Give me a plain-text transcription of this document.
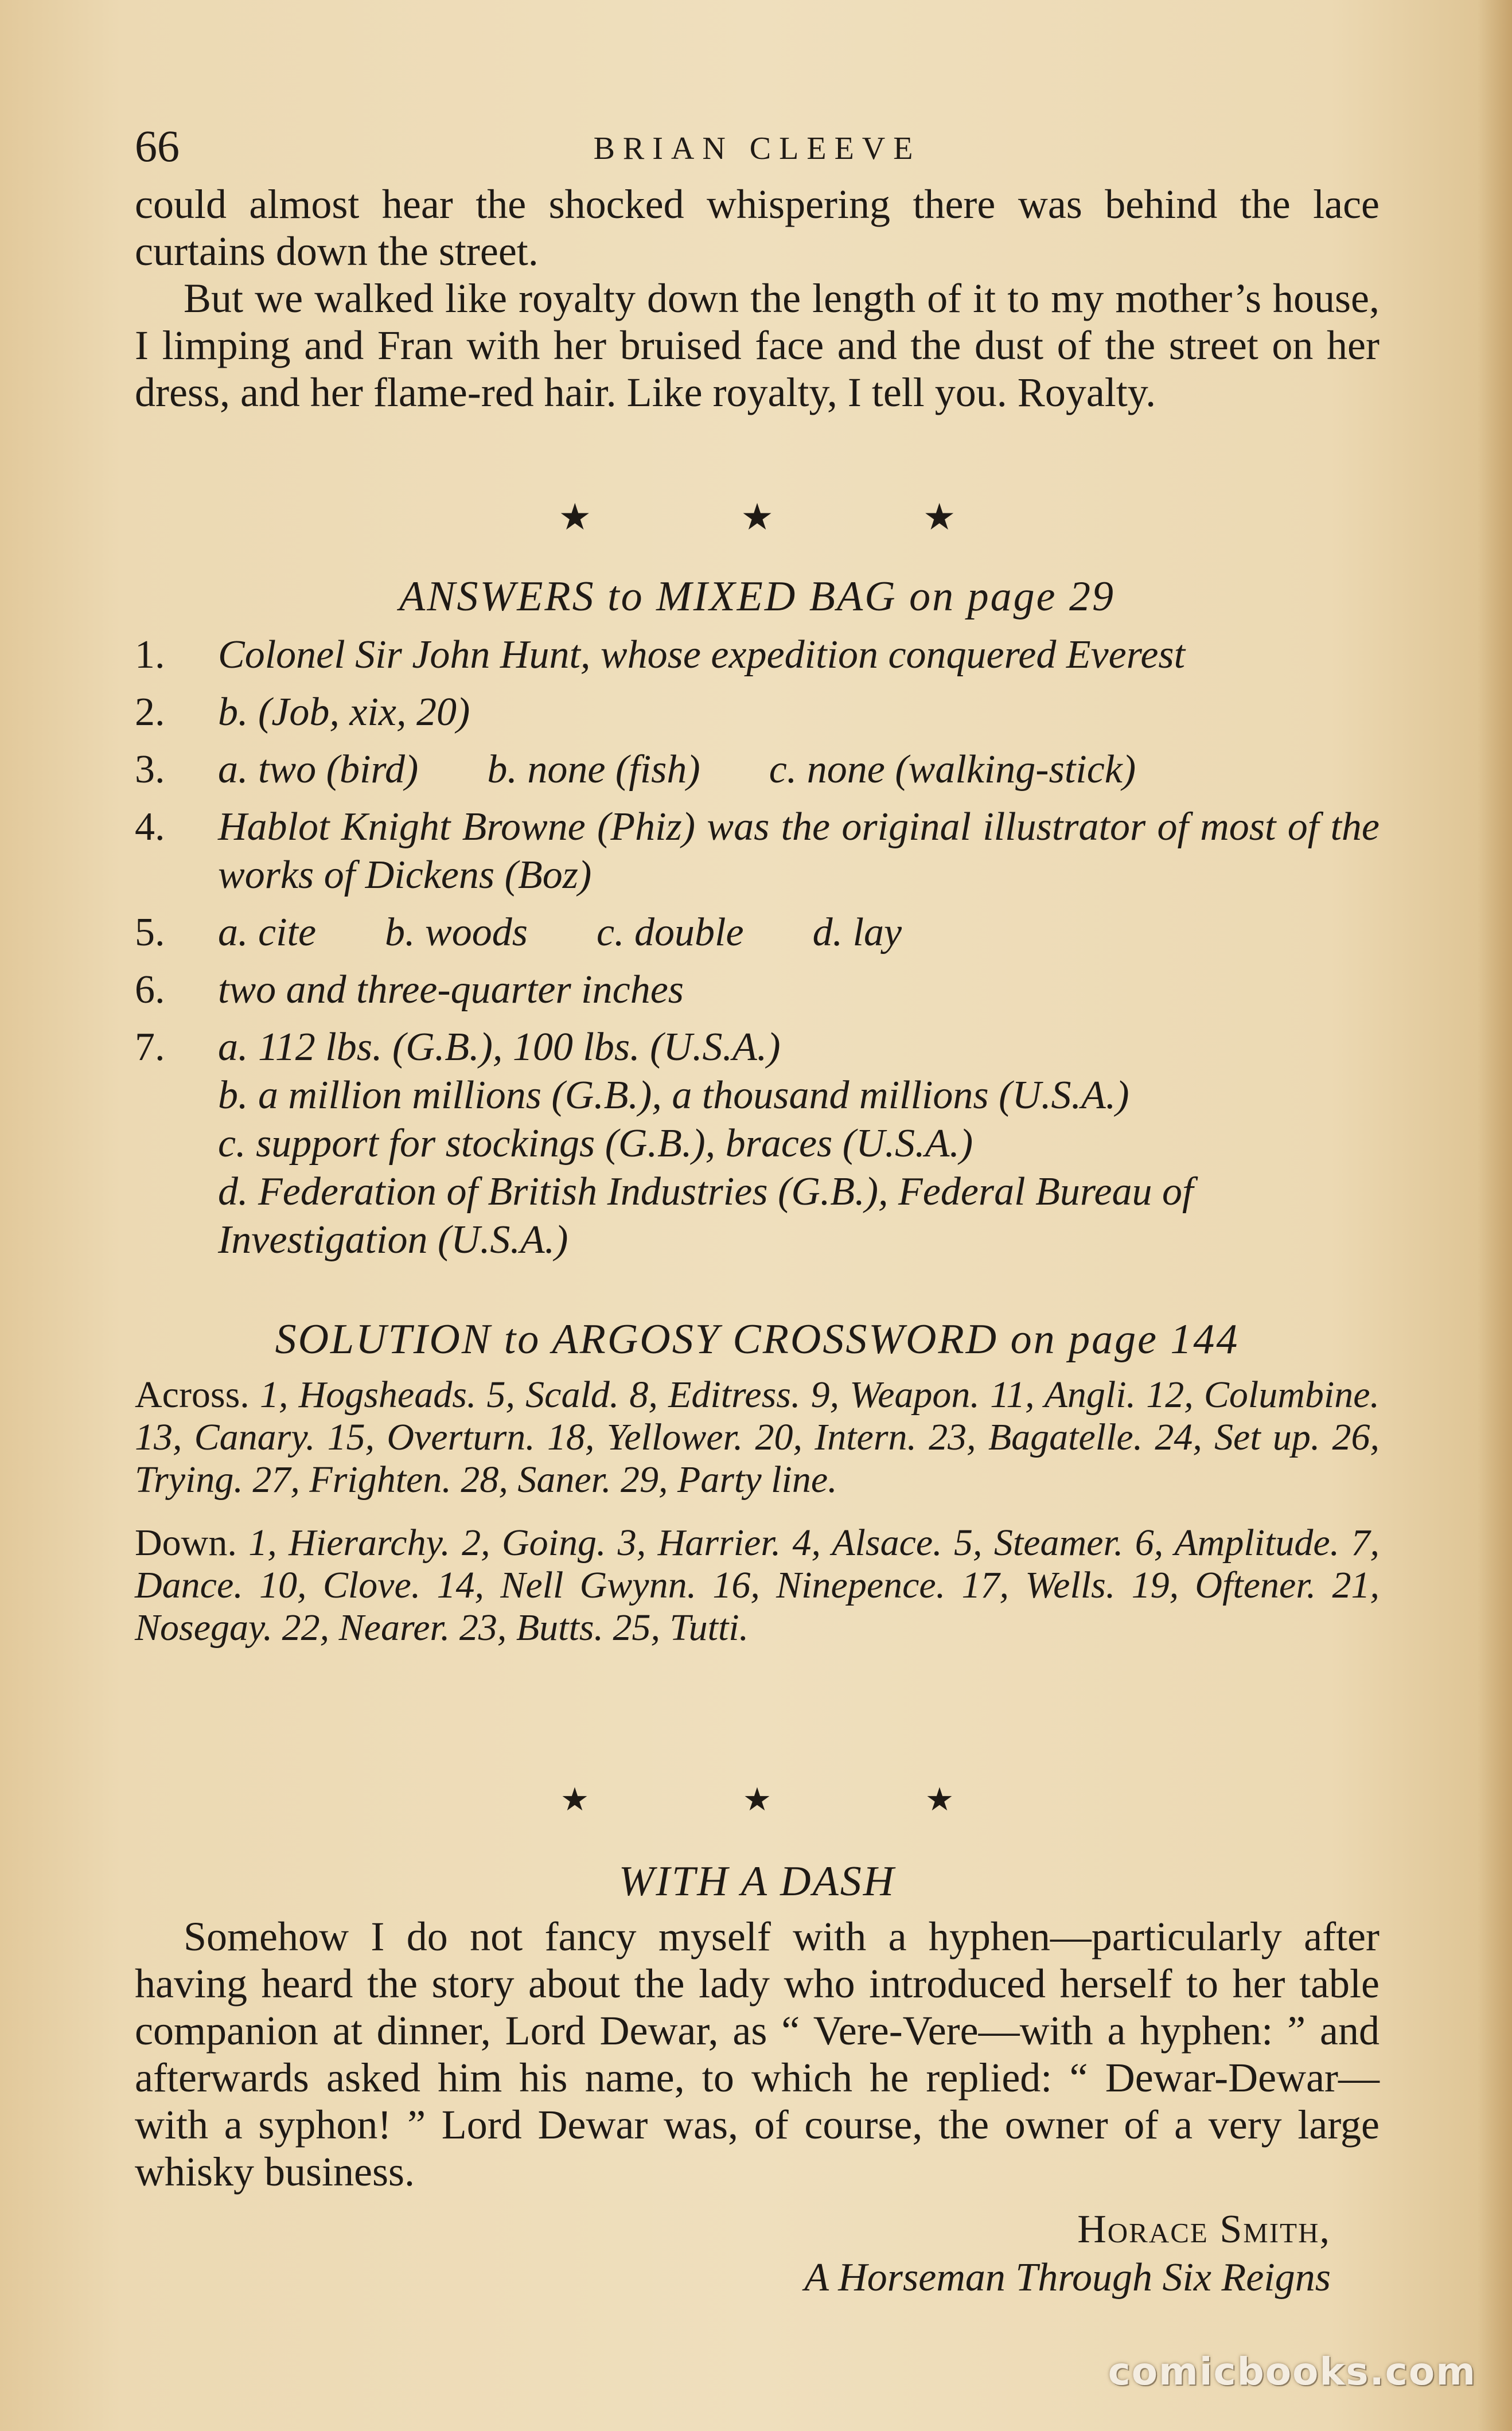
66	BRIAN CLEEVE

could almost hear the shocked whispering there was behind the lace curtains down the street.

But we walked like royalty down the length of it to my mother’s house, I limping and Fran with her bruised face and the dust of the street on her dress, and her flame-red hair. Like royalty, I tell you. Royalty.

★	★	★
ANSWERS to MIXED BAG on page 29
1.	Colonel Sir John Hunt, whose expedition conquered Everest
2.	b. (Job, xix, 20)
3.	a. two (bird) b. none (fish) c. none (walking-stick)
4.	Hablot Knight Browne (Phiz) was the original illustrator of most of the works of Dickens (Boz)
5.	a. cite b. woods c. double d. lay
6.	two and three-quarter inches
7.	a. 112 lbs. (G.B.), 100 lbs. (U.S.A.)
b. a million millions (G.B.), a thousand millions (U.S.A.)
c. support for stockings (G.B.), braces (U.S.A.)
d. Federation of British Industries (G.B.), Federal Bureau of Investigation (U.S.A.)
SOLUTION to ARGOSY CROSSWORD on page 144

Across. 1, Hogsheads. 5, Scald. 8, Editress. 9, Weapon. 11, Angli. 12, Columbine. 13, Canary. 15, Overturn. 18, Yellower. 20, Intern. 23, Bagatelle. 24, Set up. 26, Trying. 27, Frighten. 28, Saner. 29, Party line.

Down. 1, Hierarchy. 2, Going. 3, Harrier. 4, Alsace. 5, Steamer. 6, Amplitude. 7, Dance. 10, Clove. 14, Nell Gwynn. 16, Ninepence. 17, Wells. 19, Oftener. 21, Nosegay. 22, Nearer. 23, Butts. 25, Tutti.

★	★	★
WITH A DASH

Somehow I do not fancy myself with a hyphen—particularly after having heard the story about the lady who introduced herself to her table companion at dinner, Lord Dewar, as “ Vere-Vere—with a hyphen: ” and afterwards asked him his name, to which he replied: “ Dewar-Dewar—with a syphon! ” Lord Dewar was, of course, the owner of a very large whisky business.

Horace Smith,
A Horseman Through Six Reigns
comicbooks.com
